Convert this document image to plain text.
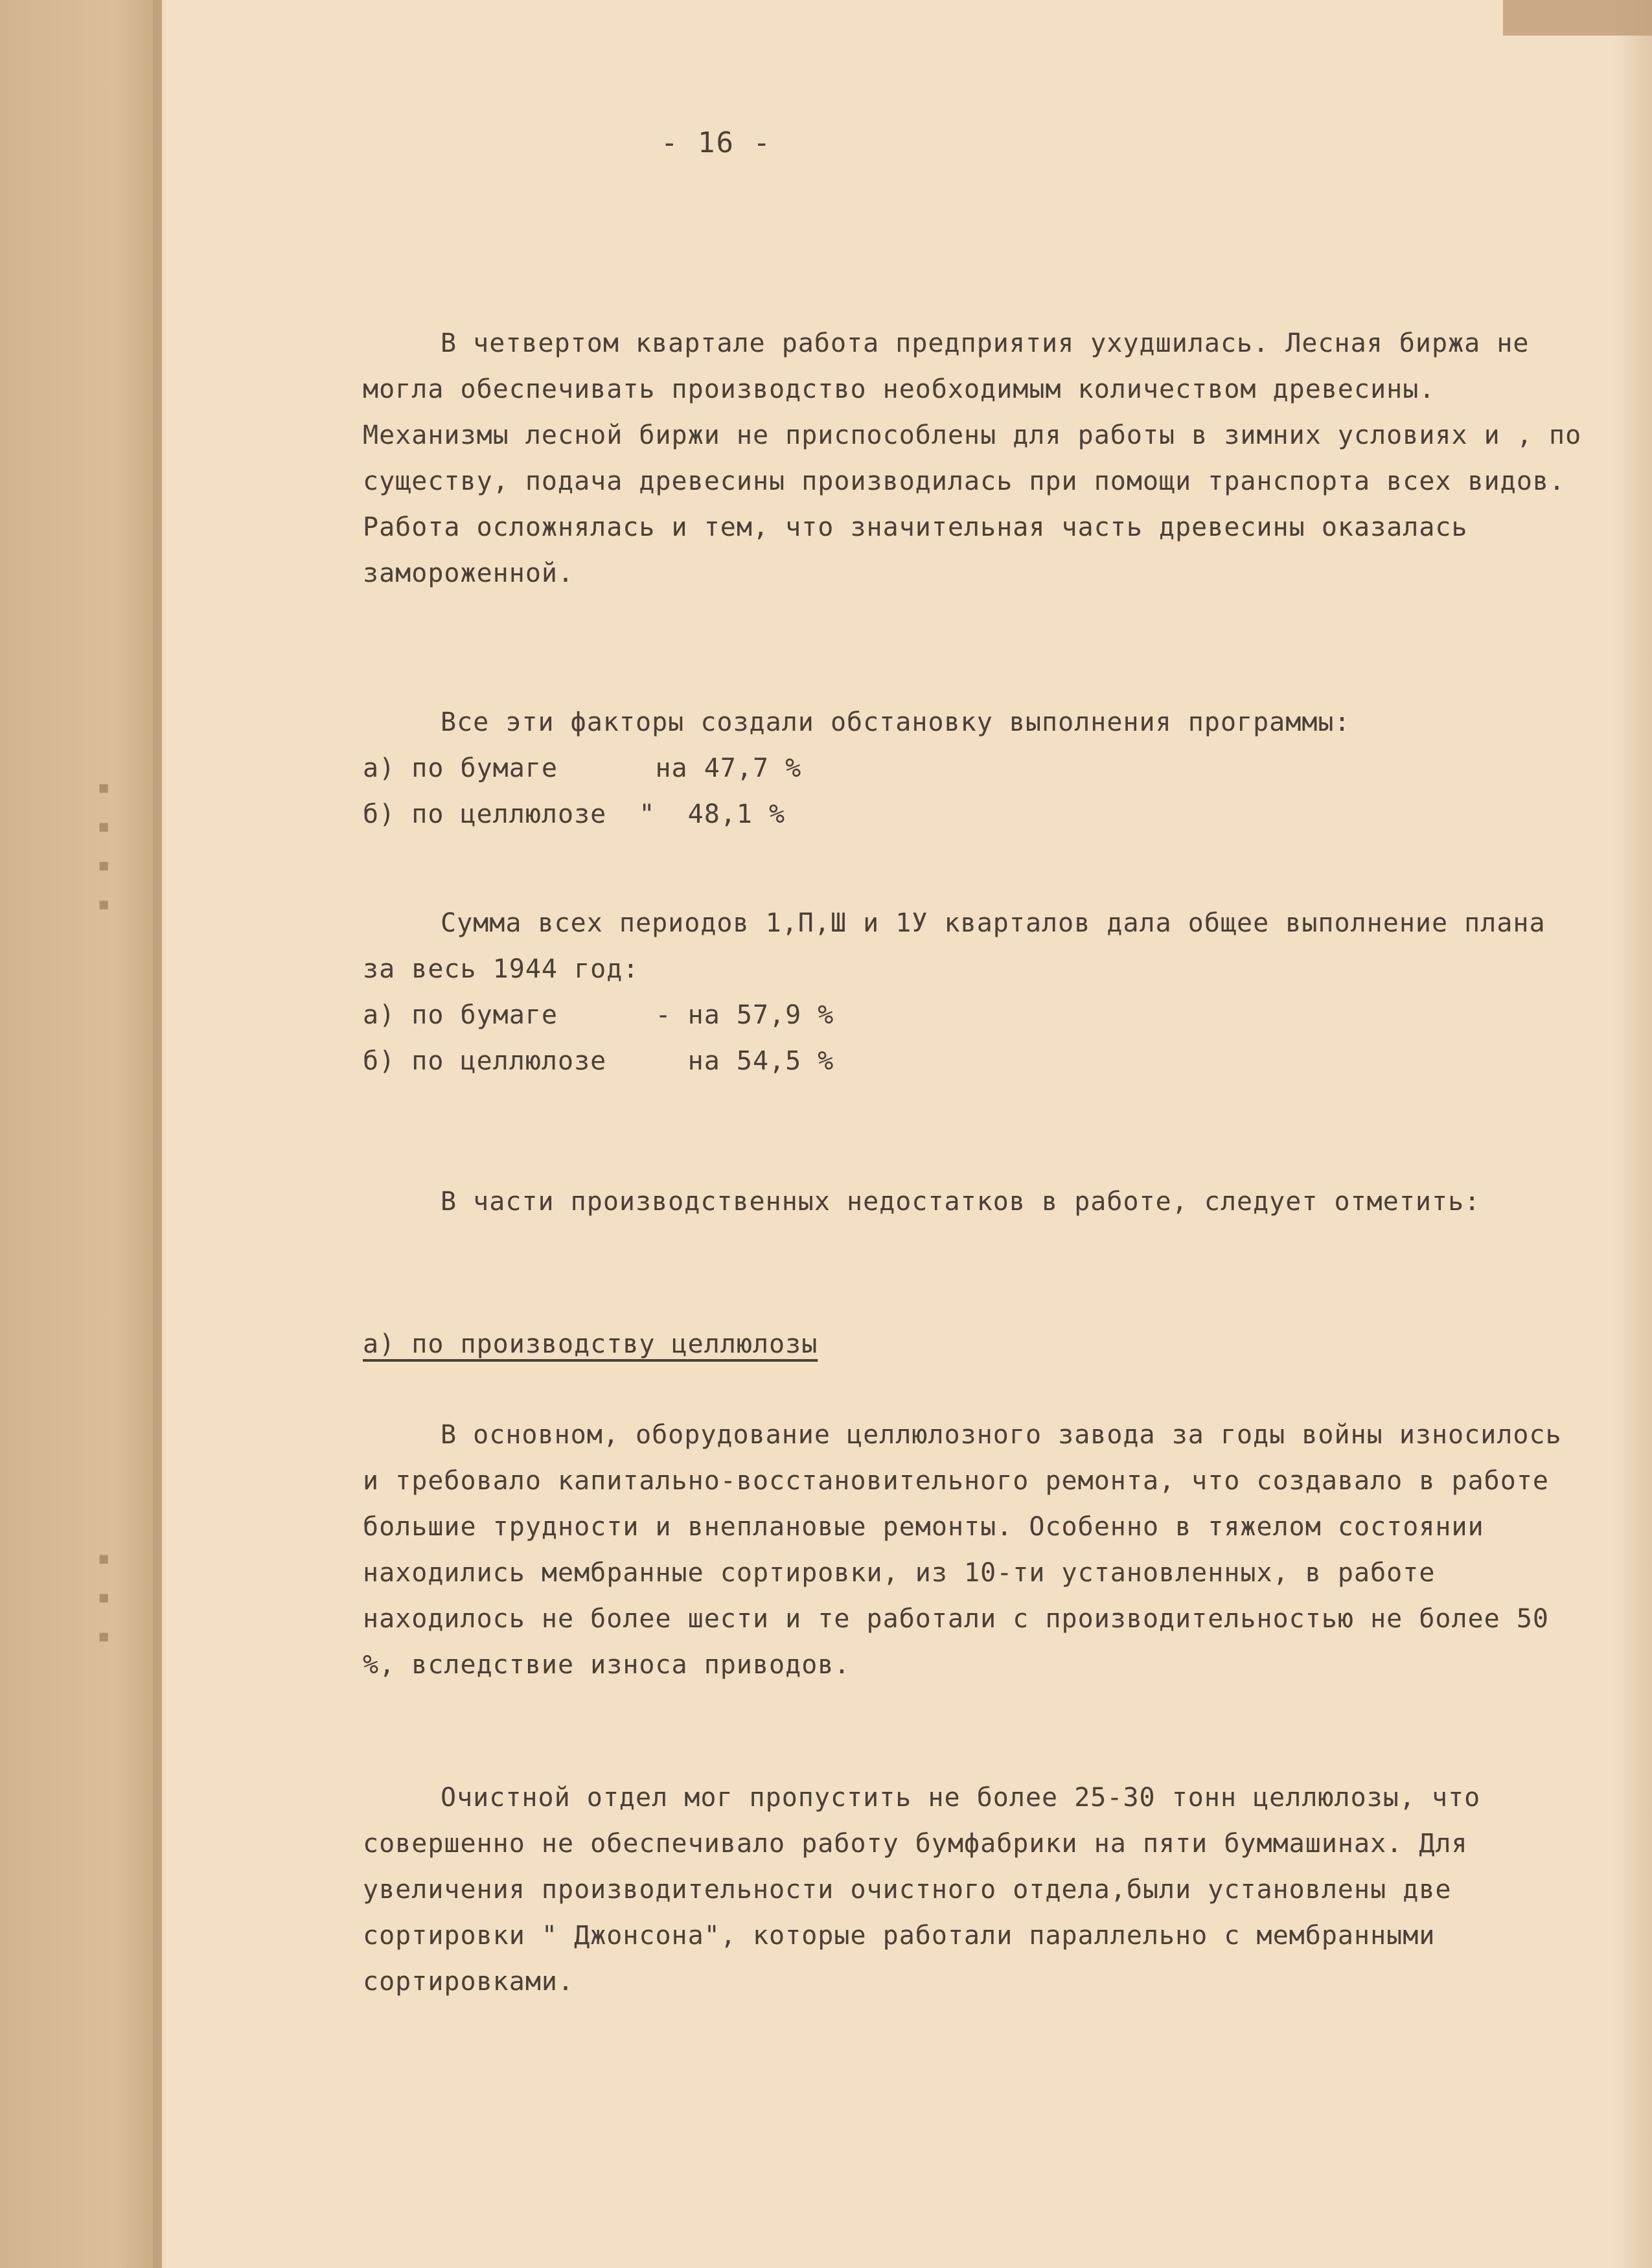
▪
▪
▪
▪
▪
▪
▪
- 16 -

В четвертом квартале работа предприятия ухудшилась. Лесная биржа не могла обеспечивать производство необходимым количеством древесины. Механизмы лесной биржи не приспособлены для работы в зимних условиях и , по существу, подача древесины производилась при помощи транспорта всех видов. Работа осложнялась и тем, что значительная часть древесины оказалась замороженной.

Все эти факторы создали обстановку выполнения программы:

а) по бумаге      на 47,7 %
б) по целлюлозе  "  48,1 %

Сумма всех периодов 1,П,Ш и 1У кварталов дала общее выполнение плана за весь 1944 год:

а) по бумаге      - на 57,9 %
б) по целлюлозе     на 54,5 %

В части производственных недостатков в работе, следует отметить:

а) по производству целлюлозы

В основном, оборудование целлюлозного завода за годы войны износилось и требовало капитально-восстановительного ремонта, что создавало в работе большие трудности и внеплановые ремонты. Особенно в тяжелом состоянии находились мембранные сортировки, из 10-ти установленных, в работе находилось не более шести и те работали с производительностью не более 50 %, вследствие износа приводов.

Очистной отдел мог пропустить не более 25-30 тонн целлюлозы, что совершенно не обеспечивало работу бумфабрики на пяти буммашинах. Для увеличения производительности очистного отдела,были установлены две сортировки " Джонсона", которые работали параллельно с мембранными сортировками.
